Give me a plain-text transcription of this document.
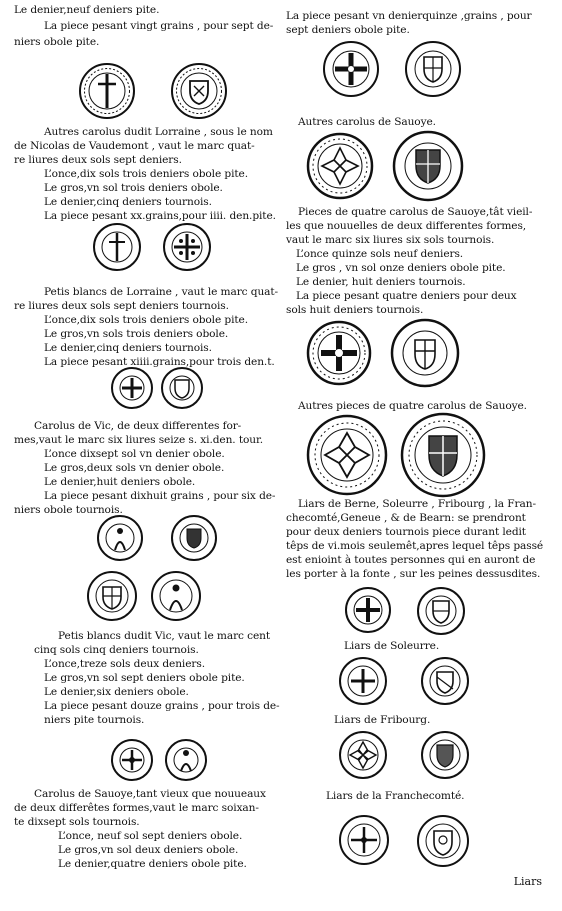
Le denier,neuf deniers pite.
La piece pesant vingt grains , pour sept de-
niers obole pite.
Autres carolus dudit Lorraine , sous le nom
de Nicolas de Vaudemont , vaut le marc quat-
re liures deux sols sept deniers.
L’once,dix sols trois deniers obole pite.
Le gros,vn sol trois deniers obole.
Le denier,cinq deniers tournois.
La piece pesant xx.grains,pour iiii. den.pite.
Petis blancs de Lorraine , vaut le marc quat-
re liures deux sols sept deniers tournois.
L’once,dix sols trois deniers obole pite.
Le gros,vn sols trois deniers obole.
Le denier,cinq deniers tournois.
La piece pesant xiiii.grains,pour trois den.t.
Carolus de Vic, de deux differentes for-
mes,vaut le marc six liures seize s. xi.den. tour.
L’once dixsept sol vn denier obole.
Le gros,deux sols vn denier obole.
Le denier,huit deniers obole.
La piece pesant dixhuit grains , pour six de-
niers obole tournois.
Petis blancs dudit Vic, vaut le marc cent
cinq sols cinq deniers tournois.
L’once,treze sols deux deniers.
Le gros,vn sol sept deniers obole pite.
Le denier,six deniers obole.
La piece pesant douze grains , pour trois de-
niers pite tournois.
Carolus de Sauoye,tant vieux que nouueaux
de deux differêtes formes,vaut le marc soixan-
te dixsept sols tournois.
L’once, neuf sol sept deniers obole.
Le gros,vn sol deux deniers obole.
Le denier,quatre deniers obole pite.
La piece pesant vn denierquinze ,grains , pour
sept deniers obole pite.
Autres carolus de Sauoye.
Pieces de quatre carolus de Sauoye,tât vieil-
les que nouuelles de deux differentes formes,
vaut le marc six liures six sols tournois.
L’once quinze sols neuf deniers.
Le gros , vn sol onze deniers obole pite.
Le denier, huit deniers tournois.
La piece pesant quatre deniers pour deux
sols huit deniers tournois.
Autres pieces de quatre carolus de Sauoye.
Liars de Berne, Soleurre , Fribourg , la Fran-
checomté,Geneue , & de Bearn: se prendront
pour deux deniers tournois piece durant ledit
têps de vi.mois seulemêt,apres lequel têps passé
est enioint à toutes personnes qui en auront de
les porter à la fonte , sur les peines dessusdites.
Liars de Soleurre.
Liars de Fribourg.
Liars de la Franchecomté.
Liars
